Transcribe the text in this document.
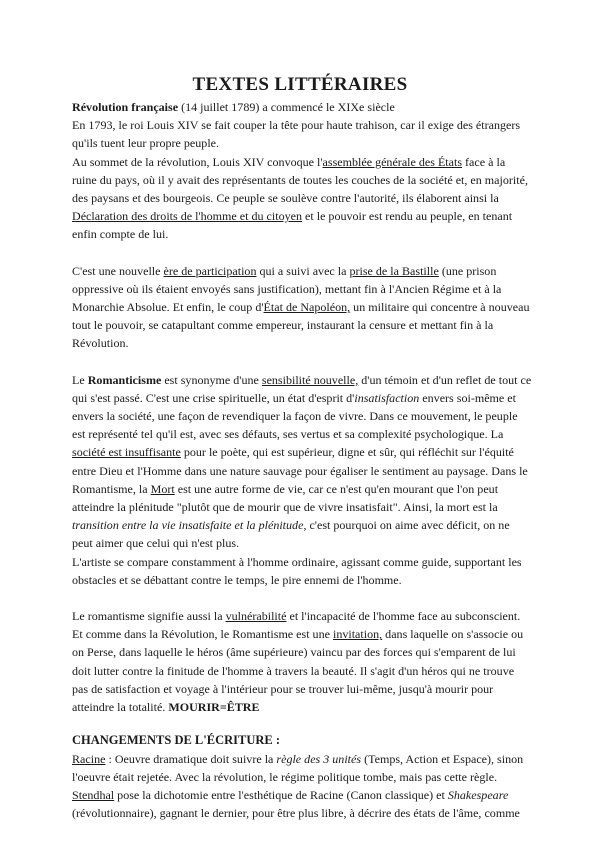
TEXTES LITTÉRAIRES

Révolution française (14 juillet 1789) a commencé le XIXe siècle

En 1793, le roi Louis XIV se fait couper la tête pour haute trahison, car il exige des étrangers qu'ils tuent leur propre peuple.

Au sommet de la révolution, Louis XIV convoque l'assemblée générale des États face à la ruine du pays, où il y avait des représentants de toutes les couches de la société et, en majorité, des paysans et des bourgeois. Ce peuple se soulève contre l'autorité, ils élaborent ainsi la Déclaration des droits de l'homme et du citoyen et le pouvoir est rendu au peuple, en tenant enfin compte de lui.

C'est une nouvelle ère de participation qui a suivi avec la prise de la Bastille (une prison oppressive où ils étaient envoyés sans justification), mettant fin à l'Ancien Régime et à la Monarchie Absolue. Et enfin, le coup d'État de Napoléon, un militaire qui concentre à nouveau tout le pouvoir, se catapultant comme empereur, instaurant la censure et mettant fin à la Révolution.

Le Romanticisme est synonyme d'une sensibilité nouvelle, d'un témoin et d'un reflet de tout ce qui s'est passé. C'est une crise spirituelle, un état d'esprit d'insatisfaction envers soi-même et envers la société, une façon de revendiquer la façon de vivre. Dans ce mouvement, le peuple est représenté tel qu'il est, avec ses défauts, ses vertus et sa complexité psychologique. La société est insuffisante pour le poète, qui est supérieur, digne et sûr, qui réfléchit sur l'équité entre Dieu et l'Homme dans une nature sauvage pour égaliser le sentiment au paysage. Dans le Romantisme, la Mort est une autre forme de vie, car ce n'est qu'en mourant que l'on peut atteindre la plénitude "plutôt que de mourir que de vivre insatisfait". Ainsi, la mort est la transition entre la vie insatisfaite et la plénitude, c'est pourquoi on aime avec déficit, on ne peut aimer que celui qui n'est plus.

L'artiste se compare constamment à l'homme ordinaire, agissant comme guide, supportant les obstacles et se débattant contre le temps, le pire ennemi de l'homme.

Le romantisme signifie aussi la vulnérabilité et l'incapacité de l'homme face au subconscient. Et comme dans la Révolution, le Romantisme est une invitation, dans laquelle on s'associe ou on Perse, dans laquelle le héros (âme supérieure) vaincu par des forces qui s'emparent de lui doit lutter contre la finitude de l'homme à travers la beauté. Il s'agit d'un héros qui ne trouve pas de satisfaction et voyage à l'intérieur pour se trouver lui-même, jusqu'à mourir pour atteindre la totalité. MOURIR=ÊTRE

CHANGEMENTS DE L'ÉCRITURE :

Racine : Oeuvre dramatique doit suivre la règle des 3 unités (Temps, Action et Espace), sinon l'oeuvre était rejetée. Avec la révolution, le régime politique tombe, mais pas cette règle.

Stendhal pose la dichotomie entre l'esthétique de Racine (Canon classique) et Shakespeare (révolutionnaire), gagnant le dernier, pour être plus libre, à décrire des états de l'âme, comme
